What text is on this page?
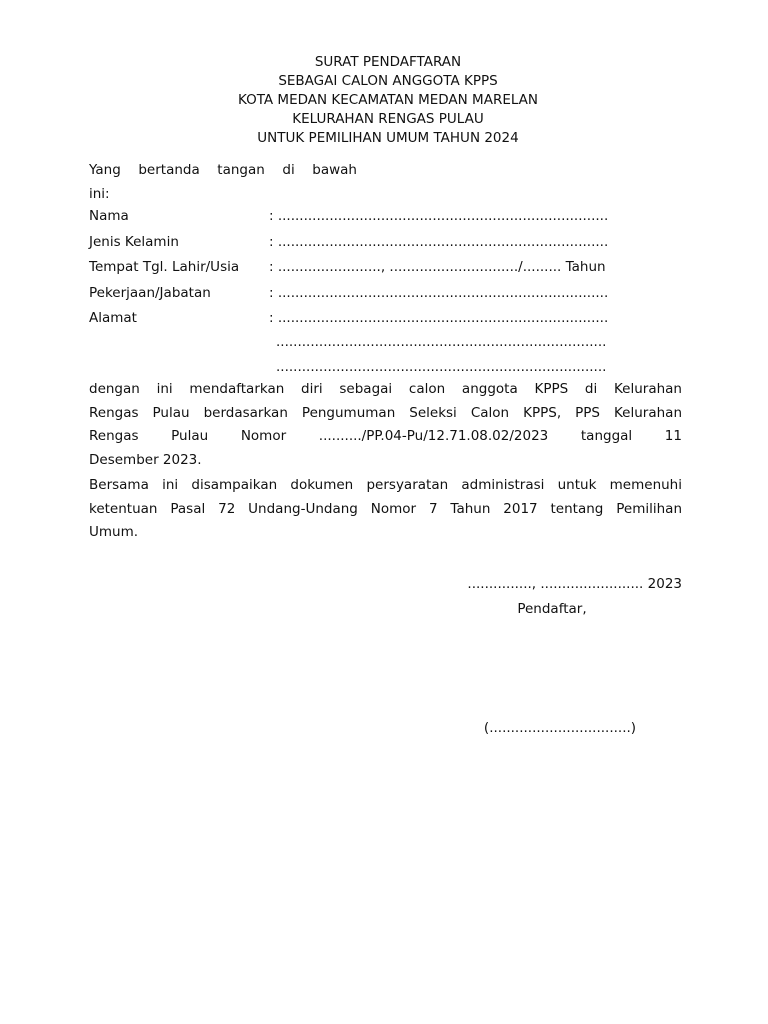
SURAT PENDAFTARAN
SEBAGAI CALON ANGGOTA KPPS
KOTA MEDAN KECAMATAN MEDAN MARELAN
KELURAHAN RENGAS PULAU
UNTUK PEMILIHAN UMUM TAHUN 2024
Yang bertanda tangan di bawah
ini:
Nama	: .............................................................................
Jenis Kelamin	: .............................................................................
Tempat Tgl. Lahir/Usia : ........................, ............................../......... Tahun
Pekerjaan/Jabatan	: .............................................................................
Alamat	: .............................................................................
.............................................................................
.............................................................................
dengan ini mendaftarkan diri sebagai calon anggota KPPS di Kelurahan
Rengas Pulau berdasarkan Pengumuman Seleksi Calon KPPS, PPS Kelurahan
Rengas Pulau Nomor ........../PP.04-Pu/12.71.08.02/2023 tanggal 11
Desember 2023.
Bersama ini disampaikan dokumen persyaratan administrasi untuk memenuhi
ketentuan Pasal 72 Undang-Undang Nomor 7 Tahun 2017 tentang Pemilihan
Umum.
..............., ........................ 2023
Pendaftar,
(.................................)
